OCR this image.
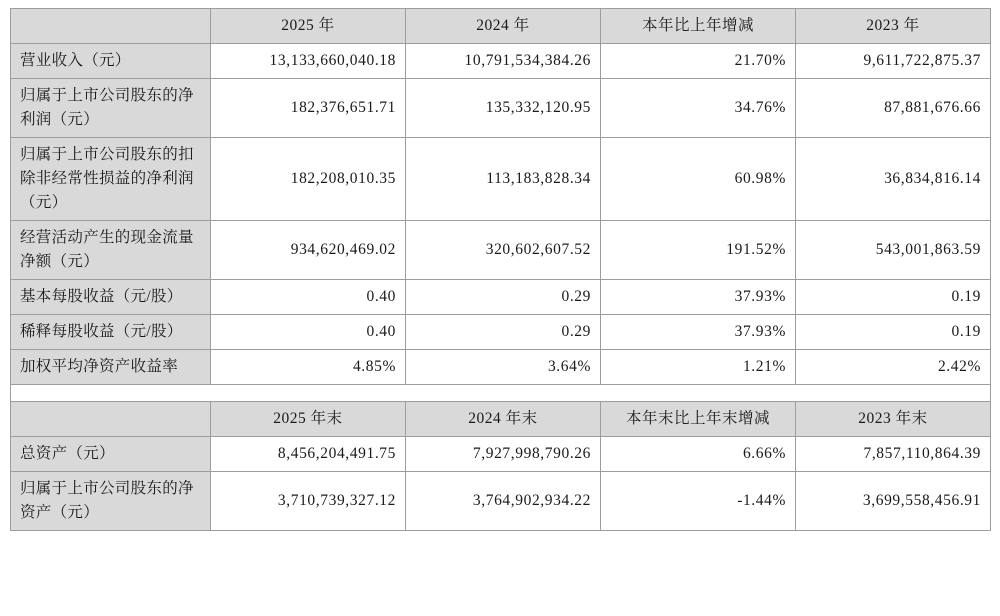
	2025 年	2024 年	本年比上年增减	2023 年
营业收入（元）	13,133,660,040.18	10,791,534,384.26	21.70%	9,611,722,875.37
归属于上市公司股东的净利润（元）	182,376,651.71	135,332,120.95	34.76%	87,881,676.66
归属于上市公司股东的扣除非经常性损益的净利润（元）	182,208,010.35	113,183,828.34	60.98%	36,834,816.14
经营活动产生的现金流量净额（元）	934,620,469.02	320,602,607.52	191.52%	543,001,863.59
基本每股收益（元/股）	0.40	0.29	37.93%	0.19
稀释每股收益（元/股）	0.40	0.29	37.93%	0.19
加权平均净资产收益率	4.85%	3.64%	1.21%	2.42%

	2025 年末	2024 年末	本年末比上年末增减	2023 年末
总资产（元）	8,456,204,491.75	7,927,998,790.26	6.66%	7,857,110,864.39
归属于上市公司股东的净资产（元）	3,710,739,327.12	3,764,902,934.22	-1.44%	3,699,558,456.91
